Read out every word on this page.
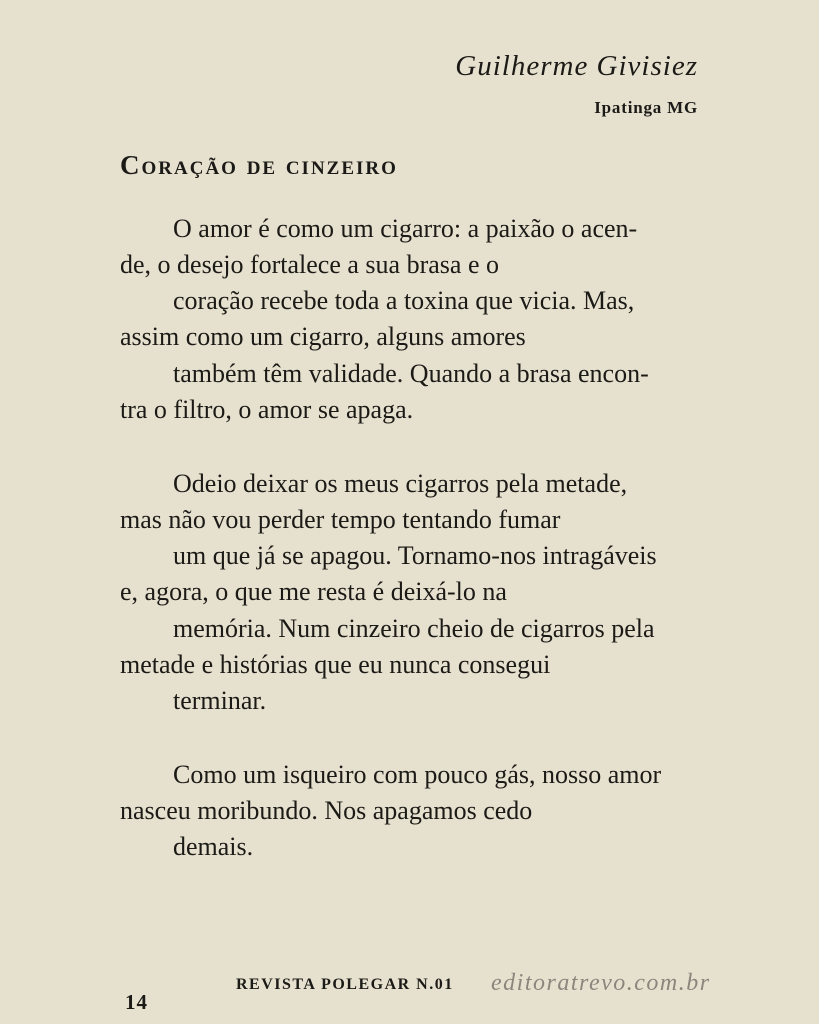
Guilherme Givisiez
Ipatinga MG
Coração de cinzeiro
O amor é como um cigarro: a paixão o acen-
de, o desejo fortalece a sua brasa e o
coração recebe toda a toxina que vicia. Mas,
assim como um cigarro, alguns amores
também têm validade. Quando a brasa encon-
tra o filtro, o amor se apaga.
Odeio deixar os meus cigarros pela metade,
mas não vou perder tempo tentando fumar
um que já se apagou. Tornamo-nos intragáveis
e, agora, o que me resta é deixá-lo na
memória. Num cinzeiro cheio de cigarros pela
metade e histórias que eu nunca consegui
terminar.
Como um isqueiro com pouco gás, nosso amor
nasceu moribundo. Nos apagamos cedo
demais.
REVISTA POLEGAR N.01 editoratrevo.com.br
14
